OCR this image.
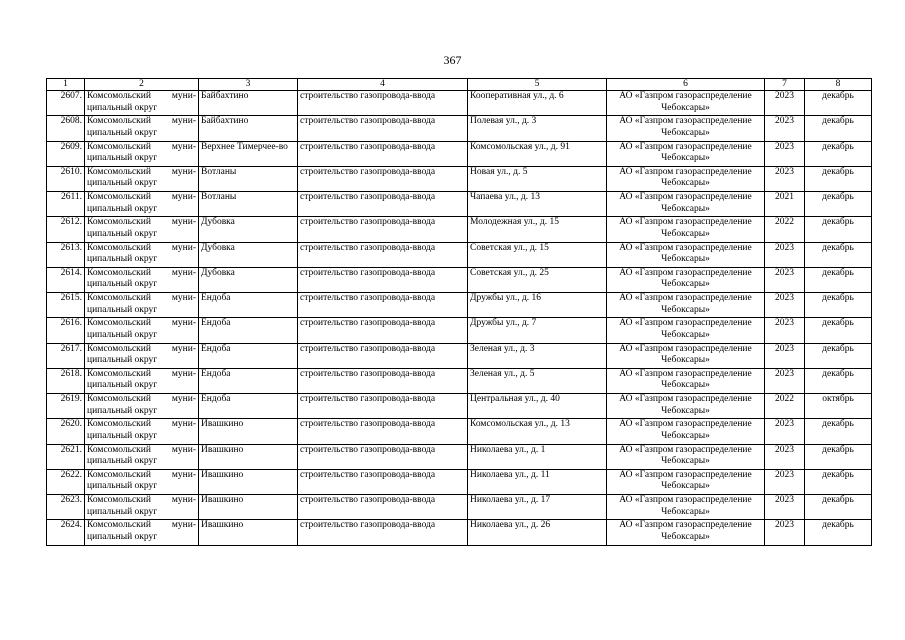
367
1	2	3	4	5	6	7	8
2607.	Комсомольский муни-ципальный округ	Байбахтино	строительство газопровода-ввода	Кооперативная ул., д. 6	АО «Газпром газораспределение Чебоксары»	2023	декабрь
2608.	Комсомольский муни-ципальный округ	Байбахтино	строительство газопровода-ввода	Полевая ул., д. 3	АО «Газпром газораспределение Чебоксары»	2023	декабрь
2609.	Комсомольский муни-ципальный округ	Верхнее Тимерчее-во	строительство газопровода-ввода	Комсомольская ул., д. 91	АО «Газпром газораспределение Чебоксары»	2023	декабрь
2610.	Комсомольский муни-ципальный округ	Вотланы	строительство газопровода-ввода	Новая ул., д. 5	АО «Газпром газораспределение Чебоксары»	2023	декабрь
2611.	Комсомольский муни-ципальный округ	Вотланы	строительство газопровода-ввода	Чапаева ул., д. 13	АО «Газпром газораспределение Чебоксары»	2021	декабрь
2612.	Комсомольский муни-ципальный округ	Дубовка	строительство газопровода-ввода	Молодежная ул., д. 15	АО «Газпром газораспределение Чебоксары»	2022	декабрь
2613.	Комсомольский муни-ципальный округ	Дубовка	строительство газопровода-ввода	Советская ул., д. 15	АО «Газпром газораспределение Чебоксары»	2023	декабрь
2614.	Комсомольский муни-ципальный округ	Дубовка	строительство газопровода-ввода	Советская ул., д. 25	АО «Газпром газораспределение Чебоксары»	2023	декабрь
2615.	Комсомольский муни-ципальный округ	Ендоба	строительство газопровода-ввода	Дружбы ул., д. 16	АО «Газпром газораспределение Чебоксары»	2023	декабрь
2616.	Комсомольский муни-ципальный округ	Ендоба	строительство газопровода-ввода	Дружбы ул., д. 7	АО «Газпром газораспределение Чебоксары»	2023	декабрь
2617.	Комсомольский муни-ципальный округ	Ендоба	строительство газопровода-ввода	Зеленая ул., д. 3	АО «Газпром газораспределение Чебоксары»	2023	декабрь
2618.	Комсомольский муни-ципальный округ	Ендоба	строительство газопровода-ввода	Зеленая ул., д. 5	АО «Газпром газораспределение Чебоксары»	2023	декабрь
2619.	Комсомольский муни-ципальный округ	Ендоба	строительство газопровода-ввода	Центральная ул., д. 40	АО «Газпром газораспределение Чебоксары»	2022	октябрь
2620.	Комсомольский муни-ципальный округ	Ивашкино	строительство газопровода-ввода	Комсомольская ул., д. 13	АО «Газпром газораспределение Чебоксары»	2023	декабрь
2621.	Комсомольский муни-ципальный округ	Ивашкино	строительство газопровода-ввода	Николаева ул., д. 1	АО «Газпром газораспределение Чебоксары»	2023	декабрь
2622.	Комсомольский муни-ципальный округ	Ивашкино	строительство газопровода-ввода	Николаева ул., д. 11	АО «Газпром газораспределение Чебоксары»	2023	декабрь
2623.	Комсомольский муни-ципальный округ	Ивашкино	строительство газопровода-ввода	Николаева ул., д. 17	АО «Газпром газораспределение Чебоксары»	2023	декабрь
2624.	Комсомольский муни-ципальный округ	Ивашкино	строительство газопровода-ввода	Николаева ул., д. 26	АО «Газпром газораспределение Чебоксары»	2023	декабрь
